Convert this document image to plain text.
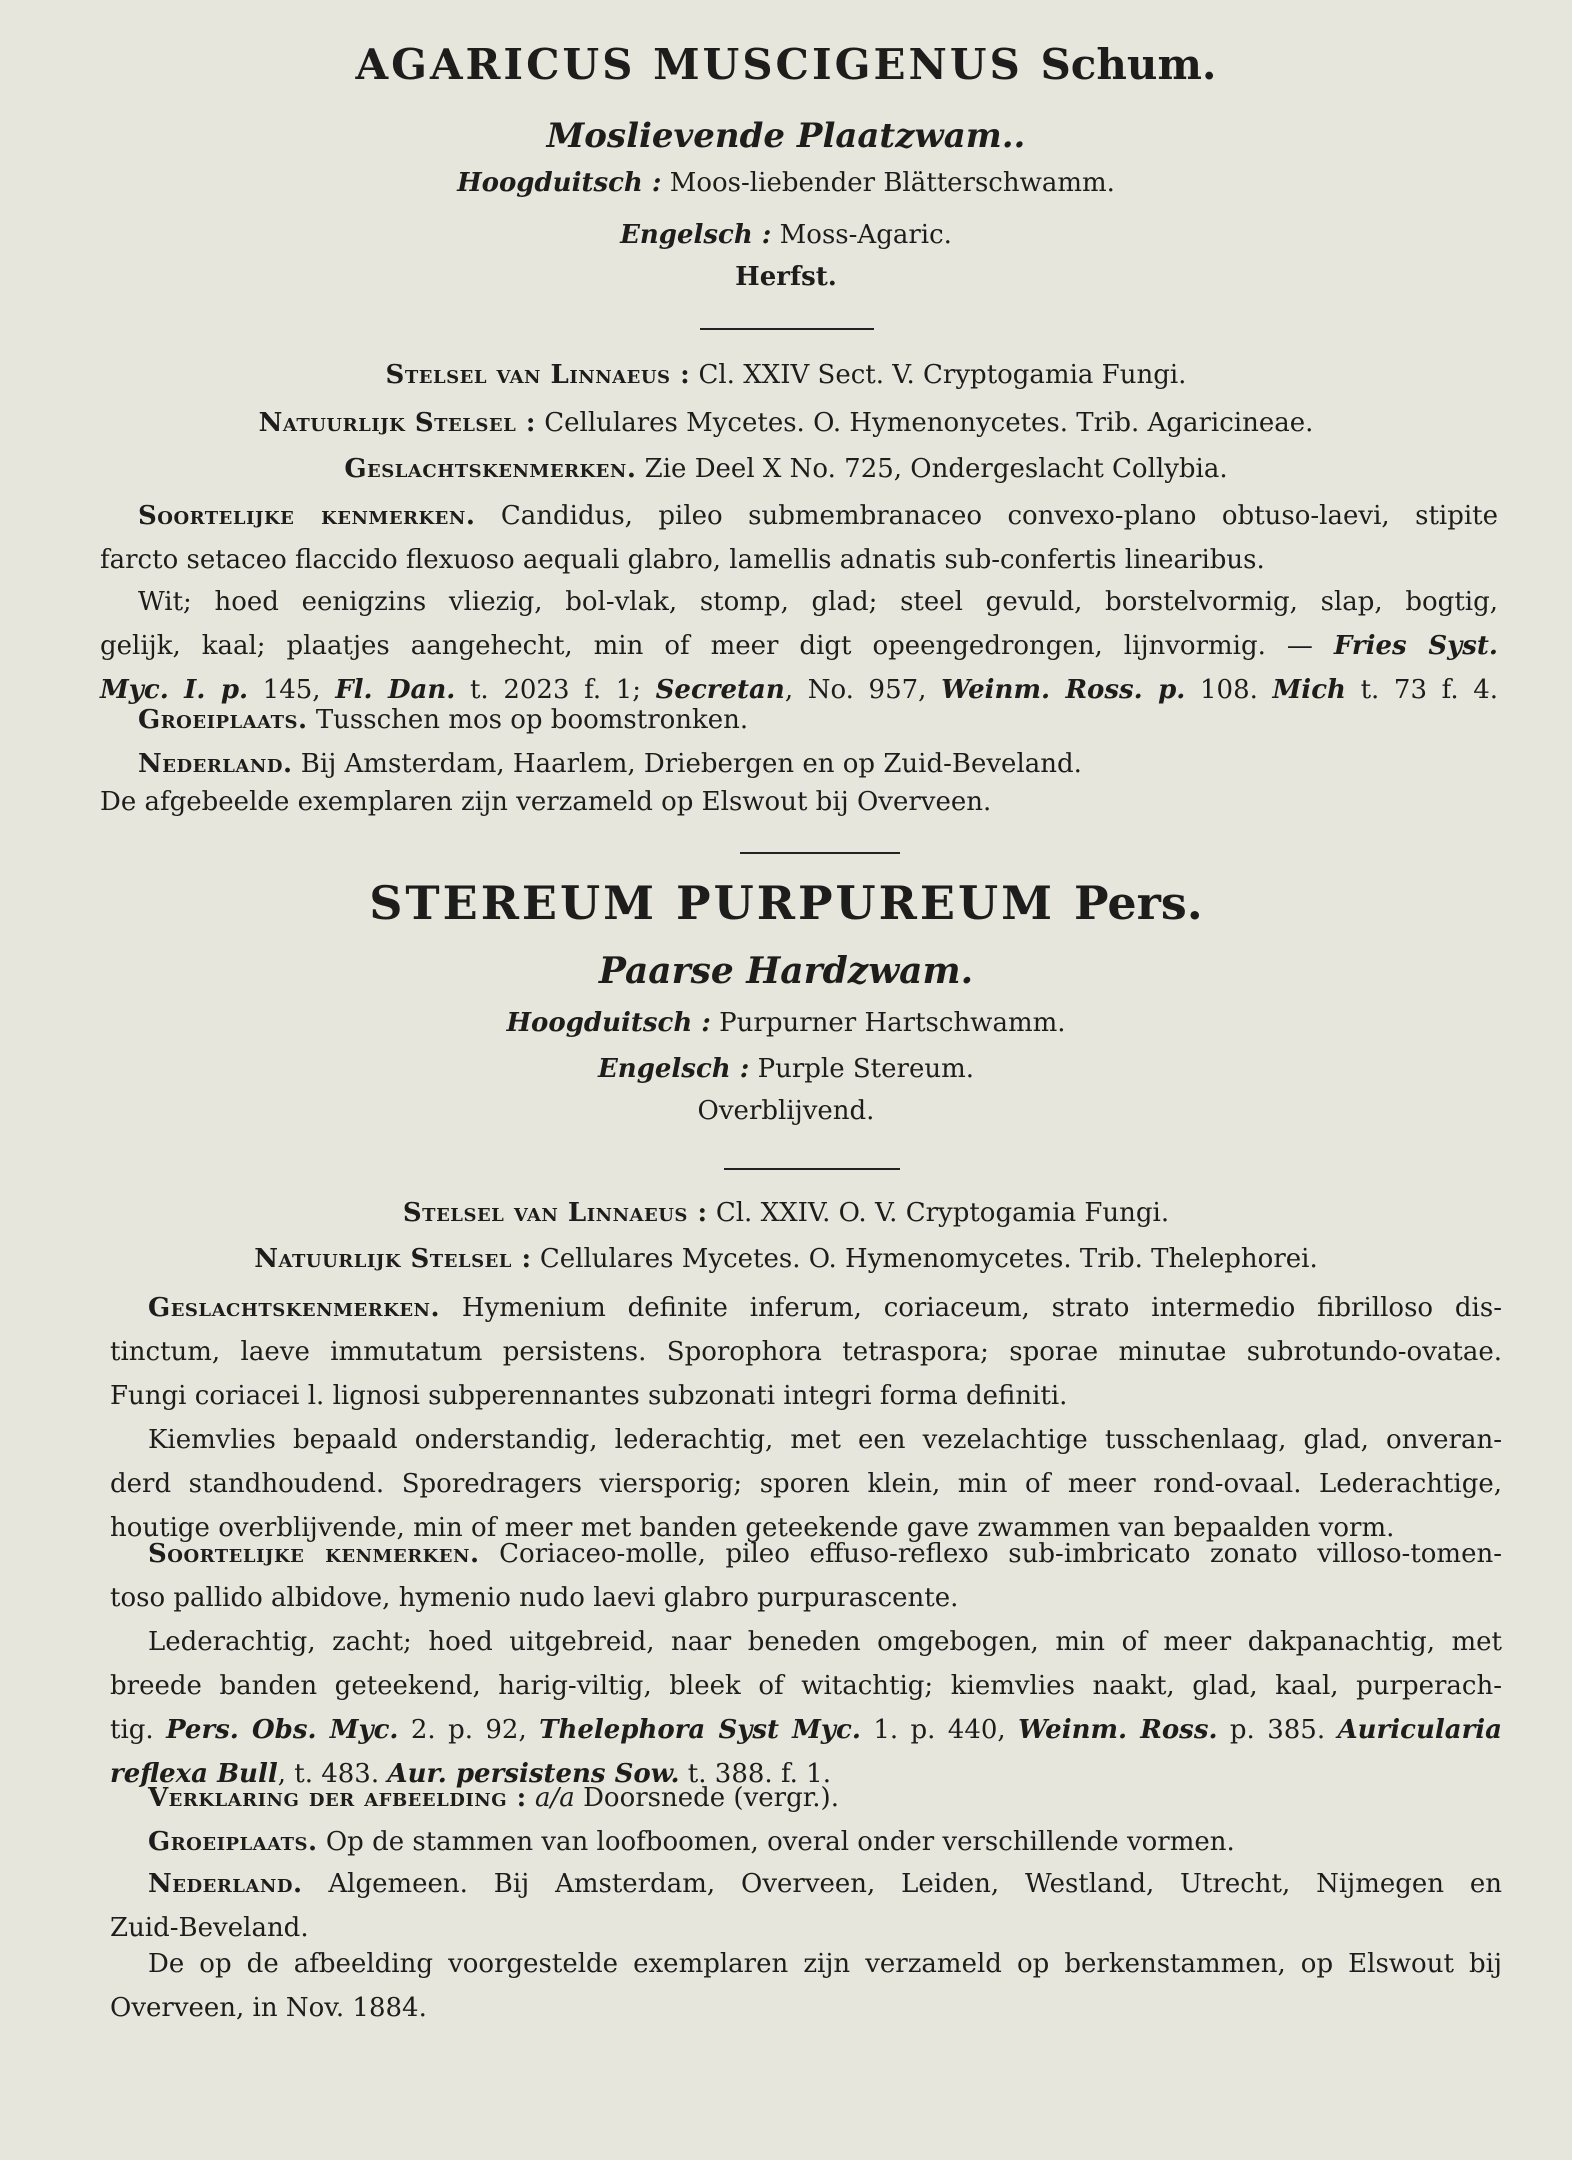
AGARICUS MUSCIGENUS Schum.
Moslievende Plaatzwam..
Hoogduitsch : Moos-liebender Blätterschwamm.
Engelsch : Moss-Agaric.
Herfst.
Stelsel van Linnaeus : Cl. XXIV Sect. V. Cryptogamia Fungi.
Natuurlijk Stelsel : Cellulares Mycetes. O. Hymenonycetes. Trib. Agaricineae.
Geslachtskenmerken. Zie Deel X No. 725, Ondergeslacht Collybia.
Soortelijke kenmerken. Candidus, pileo submembranaceo convexo-plano obtuso-laevi, stipite
farcto setaceo flaccido flexuoso aequali glabro, lamellis adnatis sub-confertis linearibus.
Wit; hoed eenigzins vliezig, bol-vlak, stomp, glad; steel gevuld, borstelvormig, slap, bogtig,
gelijk, kaal; plaatjes aangehecht, min of meer digt opeengedrongen, lijnvormig. — Fries Syst.
Myc. I. p. 145, Fl. Dan. t. 2023 f. 1; Secretan, No. 957, Weinm. Ross. p. 108. Mich t. 73 f. 4.
Groeiplaats. Tusschen mos op boomstronken.
Nederland. Bij Amsterdam, Haarlem, Driebergen en op Zuid-Beveland.
De afgebeelde exemplaren zijn verzameld op Elswout bij Overveen.
STEREUM PURPUREUM Pers.
Paarse Hardzwam.
Hoogduitsch : Purpurner Hartschwamm.
Engelsch : Purple Stereum.
Overblijvend.
Stelsel van Linnaeus : Cl. XXIV. O. V. Cryptogamia Fungi.
Natuurlijk Stelsel : Cellulares Mycetes. O. Hymenomycetes. Trib. Thelephorei.
Geslachtskenmerken. Hymenium definite inferum, coriaceum, strato intermedio fibrilloso dis-
tinctum, laeve immutatum persistens. Sporophora tetraspora; sporae minutae subrotundo-ovatae.
Fungi coriacei l. lignosi subperennantes subzonati integri forma definiti.
Kiemvlies bepaald onderstandig, lederachtig, met een vezelachtige tusschenlaag, glad, onveran-
derd standhoudend. Sporedragers viersporig; sporen klein, min of meer rond-ovaal. Lederachtige,
houtige overblijvende, min of meer met banden geteekende gave zwammen van bepaalden vorm.
Soortelijke kenmerken. Coriaceo-molle, pileo effuso-reflexo sub-imbricato zonato villoso-tomen-
toso pallido albidove, hymenio nudo laevi glabro purpurascente.
Lederachtig, zacht; hoed uitgebreid, naar beneden omgebogen, min of meer dakpanachtig, met
breede banden geteekend, harig-viltig, bleek of witachtig; kiemvlies naakt, glad, kaal, purperach-
tig. Pers. Obs. Myc. 2. p. 92, Thelephora Syst Myc. 1. p. 440, Weinm. Ross. p. 385. Auricularia
reflexa Bull, t. 483. Aur. persistens Sow. t. 388. f. 1.
Verklaring der afbeelding : a/a Doorsnede (vergr.).
Groeiplaats. Op de stammen van loofboomen, overal onder verschillende vormen.
Nederland. Algemeen. Bij Amsterdam, Overveen, Leiden, Westland, Utrecht, Nijmegen en
Zuid-Beveland.
De op de afbeelding voorgestelde exemplaren zijn verzameld op berkenstammen, op Elswout bij
Overveen, in Nov. 1884.
